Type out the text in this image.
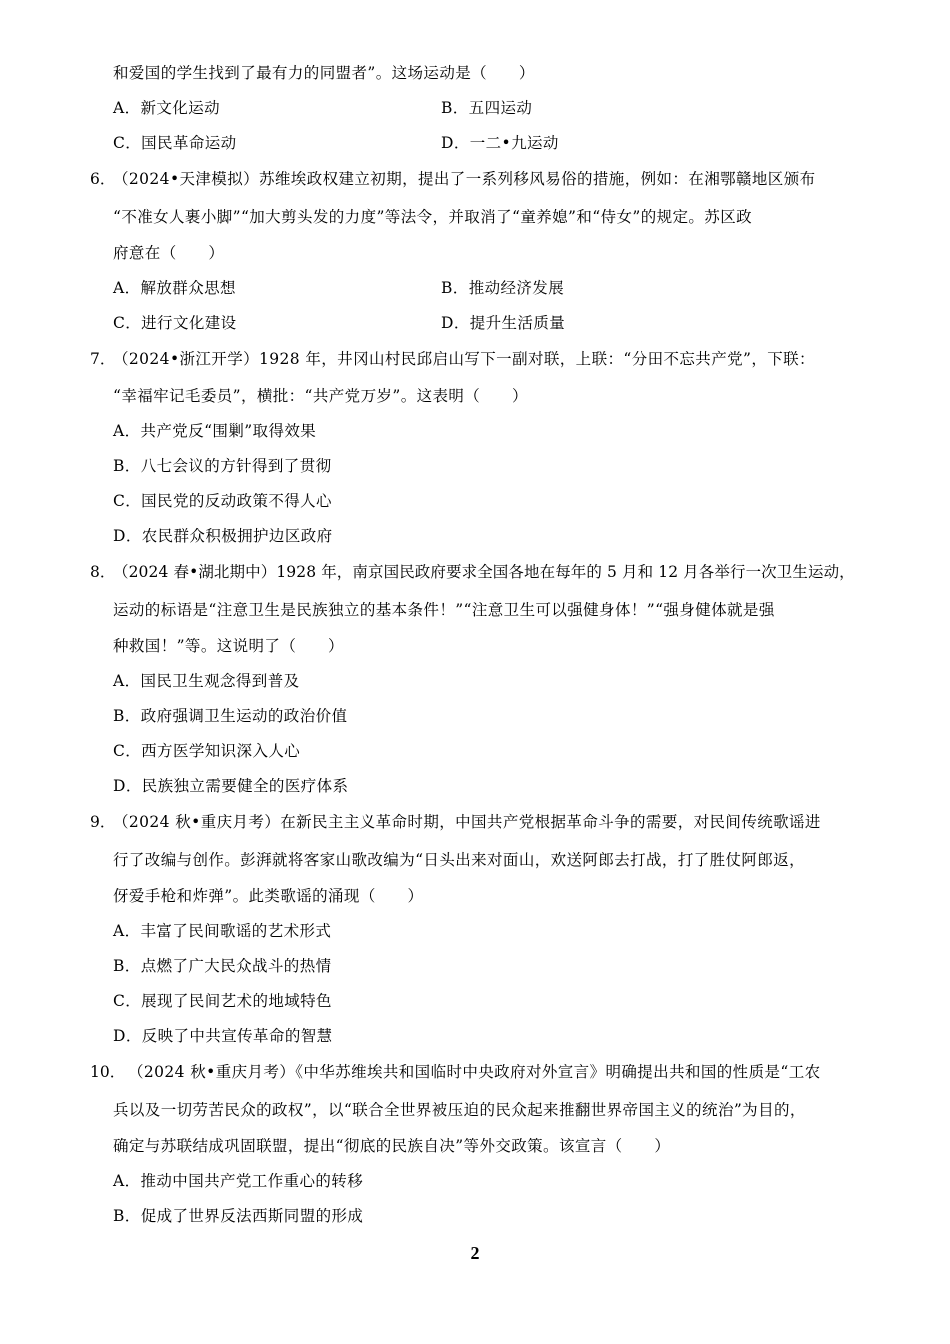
和爱国的学生找到了最有力的同盟者”。这场运动是（　　）
A．新文化运动	B．五四运动
C．国民革命运动	D．一二•九运动
6．
（2024•天津模拟）苏维埃政权建立初期，提出了一系列移风易俗的措施，例如：在湘鄂赣地区颁布
“不准女人裹小脚”“加大剪头发的力度”等法令，并取消了“童养媳”和“侍女”的规定。苏区政
府意在（　　）
A．解放群众思想	B．推动经济发展
C．进行文化建设	D．提升生活质量
7．
（2024•浙江开学）1928 年，井冈山村民邱启山写下一副对联，上联：“分田不忘共产党”，下联：
“幸福牢记毛委员”，横批：“共产党万岁”。这表明（　　）
A．共产党反“围剿”取得效果
B．八七会议的方针得到了贯彻
C．国民党的反动政策不得人心
D．农民群众积极拥护边区政府
8．
（2024 春•湖北期中）1928 年，南京国民政府要求全国各地在每年的 5 月和 12 月各举行一次卫生运动，
运动的标语是“注意卫生是民族独立的基本条件！”“注意卫生可以强健身体！”“强身健体就是强
种救国！”等。这说明了（　　）
A．国民卫生观念得到普及
B．政府强调卫生运动的政治价值
C．西方医学知识深入人心
D．民族独立需要健全的医疗体系
9．
（2024 秋•重庆月考）在新民主主义革命时期，中国共产党根据革命斗争的需要，对民间传统歌谣进
行了改编与创作。彭湃就将客家山歌改编为“日头出来对面山，欢送阿郎去打战，打了胜仗阿郎返，
伢爱手枪和炸弹”。此类歌谣的涌现（　　）
A．丰富了民间歌谣的艺术形式
B．点燃了广大民众战斗的热情
C．展现了民间艺术的地域特色
D．反映了中共宣传革命的智慧
10． （2024 秋•重庆月考）《中华苏维埃共和国临时中央政府对外宣言》明确提出共和国的性质是“工农
兵以及一切劳苦民众的政权”，以“联合全世界被压迫的民众起来推翻世界帝国主义的统治”为目的，
确定与苏联结成巩固联盟，提出“彻底的民族自决”等外交政策。该宣言（　　）
A．推动中国共产党工作重心的转移
B．促成了世界反法西斯同盟的形成
2
